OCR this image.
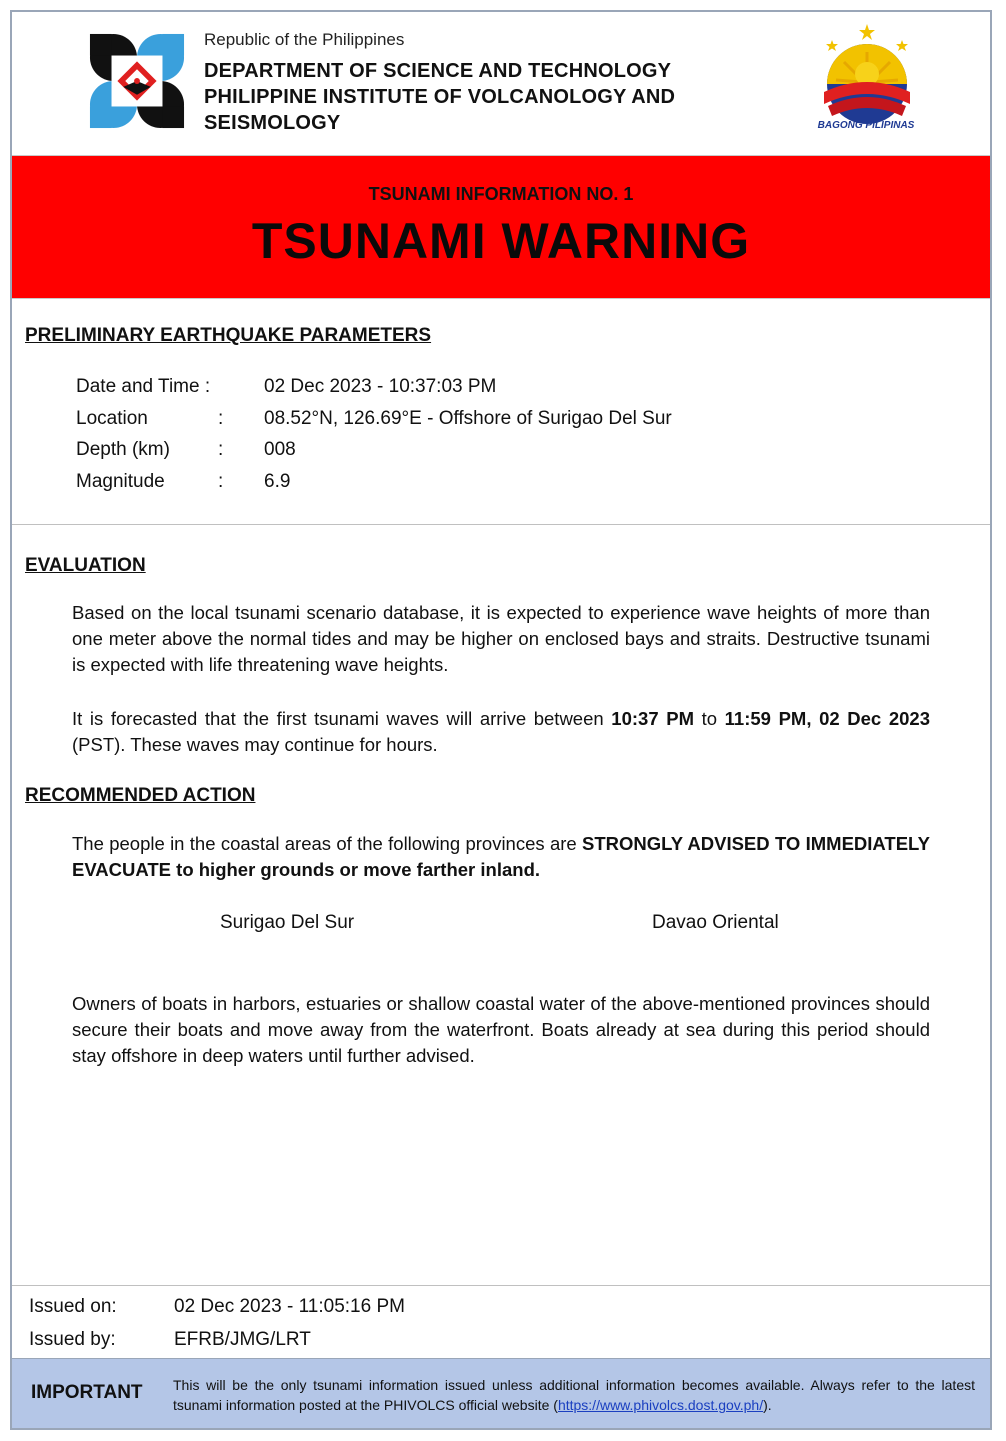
Republic of the Philippines
DEPARTMENT OF SCIENCE AND TECHNOLOGY
PHILIPPINE INSTITUTE OF VOLCANOLOGY AND
SEISMOLOGY	BAGONG PILIPINAS
TSUNAMI INFORMATION NO. 1
TSUNAMI WARNING
PRELIMINARY EARTHQUAKE PARAMETERS
Date and Time :	02 Dec 2023 - 10:37:03 PM
Location	: 08.52°N, 126.69°E - Offshore of Surigao Del Sur
Depth (km)	: 008
Magnitude	: 6.9
EVALUATION
Based on the local tsunami scenario database, it is expected to experience wave heights of more than one meter above the normal tides and may be higher on enclosed bays and straits. Destructive tsunami is expected with life threatening wave heights.
It is forecasted that the first tsunami waves will arrive between 10:37 PM to 11:59 PM, 02 Dec 2023 (PST). These waves may continue for hours.
RECOMMENDED ACTION
The people in the coastal areas of the following provinces are STRONGLY ADVISED TO IMMEDIATELY EVACUATE to higher grounds or move farther inland.
Surigao Del Sur	Davao Oriental
Owners of boats in harbors, estuaries or shallow coastal water of the above-mentioned provinces should secure their boats and move away from the waterfront. Boats already at sea during this period should stay offshore in deep waters until further advised.
Issued on:	02 Dec 2023 - 11:05:16 PM
Issued by:	EFRB/JMG/LRT
IMPORTANT This will be the only tsunami information issued unless additional information becomes available. Always refer to the latest tsunami information posted at the PHIVOLCS official website (https://www.phivolcs.dost.gov.ph/).
